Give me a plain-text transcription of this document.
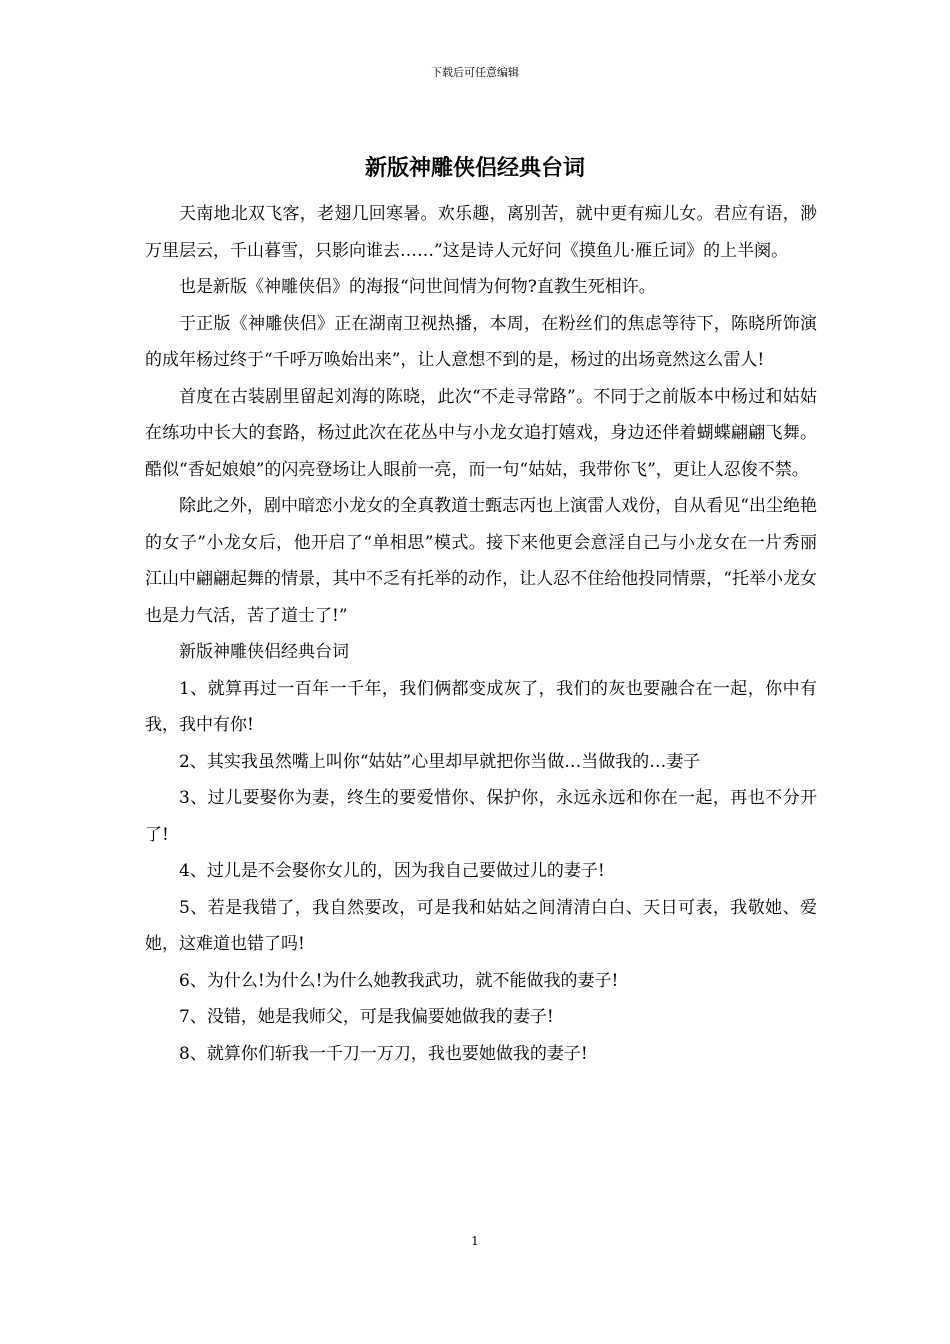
下载后可任意编辑
新版神雕侠侣经典台词

天南地北双飞客，老翅几回寒暑。欢乐趣，离别苦，就中更有痴儿女。君应有语，渺万里层云，千山暮雪，只影向谁去……”这是诗人元好问《摸鱼儿·雁丘词》的上半阕。

也是新版《神雕侠侣》的海报“问世间情为何物?直教生死相许。

于正版《神雕侠侣》正在湖南卫视热播，本周，在粉丝们的焦虑等待下，陈晓所饰演的成年杨过终于“千呼万唤始出来”，让人意想不到的是，杨过的出场竟然这么雷人!

首度在古装剧里留起刘海的陈晓，此次“不走寻常路”。不同于之前版本中杨过和姑姑在练功中长大的套路，杨过此次在花丛中与小龙女追打嬉戏，身边还伴着蝴蝶翩翩飞舞。酷似“香妃娘娘”的闪亮登场让人眼前一亮，而一句“姑姑，我带你飞”，更让人忍俊不禁。

除此之外，剧中暗恋小龙女的全真教道士甄志丙也上演雷人戏份，自从看见“出尘绝艳的女子”小龙女后，他开启了“单相思”模式。接下来他更会意淫自己与小龙女在一片秀丽江山中翩翩起舞的情景，其中不乏有托举的动作，让人忍不住给他投同情票，“托举小龙女也是力气活，苦了道士了!”

新版神雕侠侣经典台词

1、就算再过一百年一千年，我们俩都变成灰了，我们的灰也要融合在一起，你中有我，我中有你!

2、其实我虽然嘴上叫你“姑姑”心里却早就把你当做…当做我的…妻子

3、过儿要娶你为妻，终生的要爱惜你、保护你，永远永远和你在一起，再也不分开了!

4、过儿是不会娶你女儿的，因为我自己要做过儿的妻子!

5、若是我错了，我自然要改，可是我和姑姑之间清清白白、天日可表，我敬她、爱她，这难道也错了吗!

6、为什么!为什么!为什么她教我武功，就不能做我的妻子!

7、没错，她是我师父，可是我偏要她做我的妻子!

8、就算你们斩我一千刀一万刀，我也要她做我的妻子!

1
